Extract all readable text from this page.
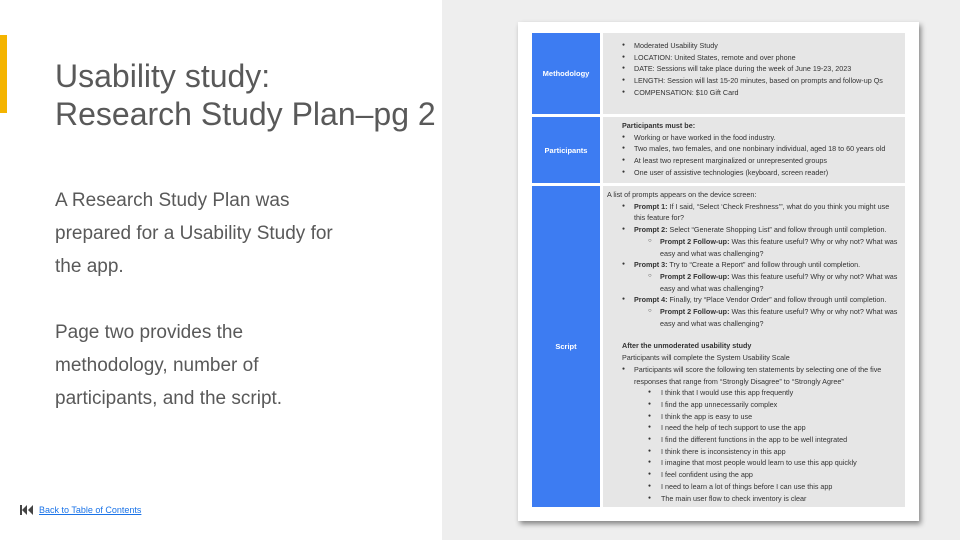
Usability study:
Research Study Plan–pg 2

A Research Study Plan was prepared for a Usability Study for the app.

Page two provides the methodology, number of participants, and the script.

Back to Table of Contents
Methodology
● Moderated Usability Study
● LOCATION: United States, remote and over phone
● DATE: Sessions will take place during the week of June 19-23, 2023
● LENGTH: Session will last 15-20 minutes, based on prompts and follow-up Qs
● COMPENSATION: $10 Gift Card
Participants
Participants must be:
● Working or have worked in the food industry.
● Two males, two females, and one nonbinary individual, aged 18 to 60 years old
● At least two represent marginalized or unrepresented groups
● One user of assistive technologies (keyboard, screen reader)
Script
A list of prompts appears on the device screen:
● Prompt 1: If I said, “Select ‘Check Freshness’”, what do you think you might use this feature for?
● Prompt 2: Select “Generate Shopping List” and follow through until completion.
○ Prompt 2 Follow-up: Was this feature useful? Why or why not? What was easy and what was challenging?
● Prompt 3: Try to “Create a Report” and follow through until completion.
○ Prompt 2 Follow-up: Was this feature useful? Why or why not? What was easy and what was challenging?
● Prompt 4: Finally, try “Place Vendor Order” and follow through until completion.
○ Prompt 2 Follow-up: Was this feature useful? Why or why not? What was easy and what was challenging?
After the unmoderated usability study
Participants will complete the System Usability Scale
● Participants will score the following ten statements by selecting one of the five responses that range from “Strongly Disagree” to “Strongly Agree”
● I think that I would use this app frequently
● I find the app unnecessarily complex
● I think the app is easy to use
● I need the help of tech support to use the app
● I find the different functions in the app to be well integrated
● I think there is inconsistency in this app
● I imagine that most people would learn to use this app quickly
● I feel confident using the app
● I need to learn a lot of things before I can use this app
● The main user flow to check inventory is clear
